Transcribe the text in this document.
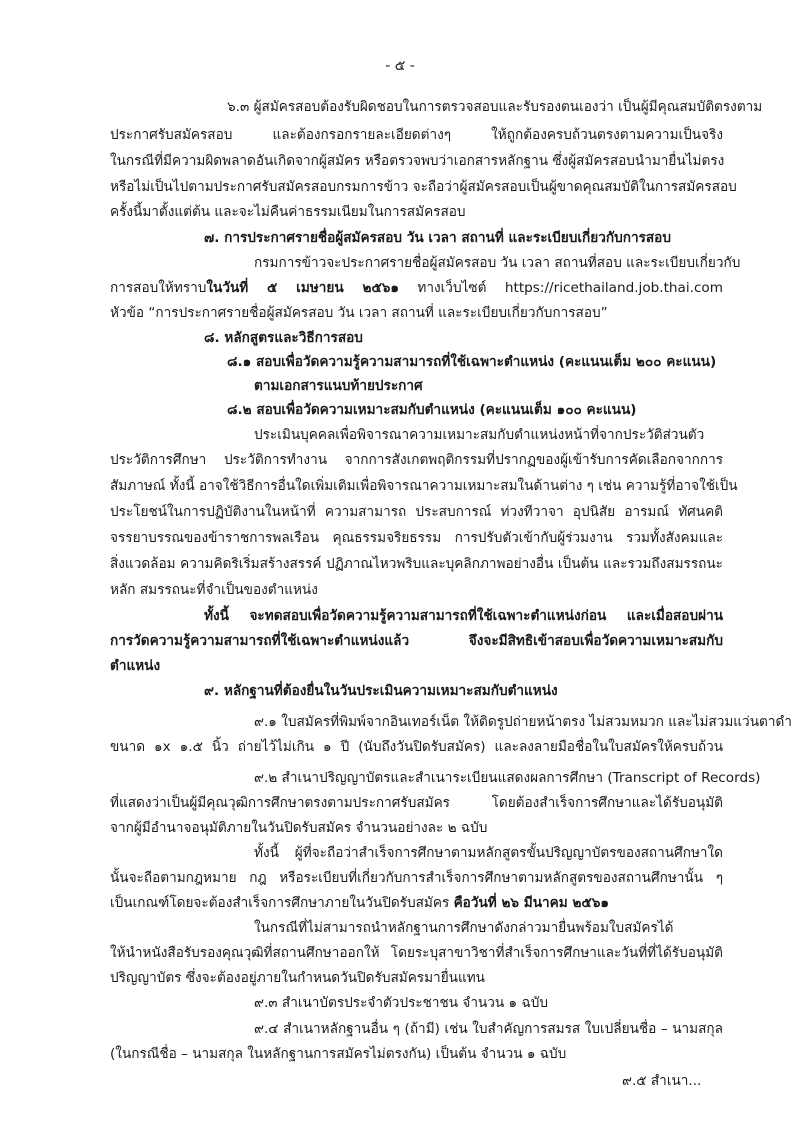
- ๕ -
๖.๓ ผู้สมัครสอบต้องรับผิดชอบในการตรวจสอบและรับรองตนเองว่า เป็นผู้มีคุณสมบัติตรงตาม
ประกาศรับสมัครสอบ และต้องกรอกรายละเอียดต่างๆ ให้ถูกต้องครบถ้วนตรงตามความเป็นจริง
ในกรณีที่มีความผิดพลาดอันเกิดจากผู้สมัคร หรือตรวจพบว่าเอกสารหลักฐาน ซึ่งผู้สมัครสอบนำมายื่นไม่ตรง
หรือไม่เป็นไปตามประกาศรับสมัครสอบกรมการข้าว จะถือว่าผู้สมัครสอบเป็นผู้ขาดคุณสมบัติในการสมัครสอบ
ครั้งนี้มาตั้งแต่ต้น และจะไม่คืนค่าธรรมเนียมในการสมัครสอบ
๗. การประกาศรายชื่อผู้สมัครสอบ วัน เวลา สถานที่ และระเบียบเกี่ยวกับการสอบ
กรมการข้าวจะประกาศรายชื่อผู้สมัครสอบ วัน เวลา สถานที่สอบ และระเบียบเกี่ยวกับ
การสอบให้ทราบในวันที่ ๕ เมษายน ๒๕๖๑ ทางเว็บไซต์ https://ricethailand.job.thai.com
หัวข้อ “การประกาศรายชื่อผู้สมัครสอบ วัน เวลา สถานที่ และระเบียบเกี่ยวกับการสอบ”
๘. หลักสูตรและวิธีการสอบ
๘.๑ สอบเพื่อวัดความรู้ความสามารถที่ใช้เฉพาะตำแหน่ง (คะแนนเต็ม ๒๐๐ คะแนน)
ตามเอกสารแนบท้ายประกาศ
๘.๒ สอบเพื่อวัดความเหมาะสมกับตำแหน่ง (คะแนนเต็ม ๑๐๐ คะแนน)
ประเมินบุคคลเพื่อพิจารณาความเหมาะสมกับตำแหน่งหน้าที่จากประวัติส่วนตัว
ประวัติการศึกษา ประวัติการทำงาน จากการสังเกตพฤติกรรมที่ปรากฏของผู้เข้ารับการคัดเลือกจากการ
สัมภาษณ์ ทั้งนี้ อาจใช้วิธีการอื่นใดเพิ่มเติมเพื่อพิจารณาความเหมาะสมในด้านต่าง ๆ เช่น ความรู้ที่อาจใช้เป็น
ประโยชน์ในการปฏิบัติงานในหน้าที่ ความสามารถ ประสบการณ์ ท่วงทีวาจา อุปนิสัย อารมณ์ ทัศนคติ
จรรยาบรรณของข้าราชการพลเรือน คุณธรรมจริยธรรม การปรับตัวเข้ากับผู้ร่วมงาน รวมทั้งสังคมและ
สิ่งแวดล้อม ความคิดริเริ่มสร้างสรรค์ ปฏิภาณไหวพริบและบุคลิกภาพอย่างอื่น เป็นต้น และรวมถึงสมรรถนะ
หลัก สมรรถนะที่จำเป็นของตำแหน่ง
ทั้งนี้ จะทดสอบเพื่อวัดความรู้ความสามารถที่ใช้เฉพาะตำแหน่งก่อน และเมื่อสอบผ่าน
การวัดความรู้ความสามารถที่ใช้เฉพาะตำแหน่งแล้ว จึงจะมีสิทธิเข้าสอบเพื่อวัดความเหมาะสมกับ
ตำแหน่ง
๙. หลักฐานที่ต้องยื่นในวันประเมินความเหมาะสมกับตำแหน่ง
๙.๑ ใบสมัครที่พิมพ์จากอินเทอร์เน็ต ให้ติดรูปถ่ายหน้าตรง ไม่สวมหมวก และไม่สวมแว่นตาดำ
ขนาด ๑x ๑.๕ นิ้ว ถ่ายไว้ไม่เกิน ๑ ปี (นับถึงวันปิดรับสมัคร) และลงลายมือชื่อในใบสมัครให้ครบถ้วน
๙.๒ สำเนาปริญญาบัตรและสำเนาระเบียนแสดงผลการศึกษา (Transcript of Records)
ที่แสดงว่าเป็นผู้มีคุณวุฒิการศึกษาตรงตามประกาศรับสมัคร โดยต้องสำเร็จการศึกษาและได้รับอนุมัติ
จากผู้มีอำนาจอนุมัติภายในวันปิดรับสมัคร จำนวนอย่างละ ๒ ฉบับ
ทั้งนี้ ผู้ที่จะถือว่าสำเร็จการศึกษาตามหลักสูตรขั้นปริญญาบัตรของสถานศึกษาใด
นั้นจะถือตามกฎหมาย กฎ หรือระเบียบที่เกี่ยวกับการสำเร็จการศึกษาตามหลักสูตรของสถานศึกษานั้น ๆ
เป็นเกณฑ์โดยจะต้องสำเร็จการศึกษาภายในวันปิดรับสมัคร คือวันที่ ๒๖ มีนาคม ๒๕๖๑
ในกรณีที่ไม่สามารถนำหลักฐานการศึกษาดังกล่าวมายื่นพร้อมใบสมัครได้
ให้นำหนังสือรับรองคุณวุฒิที่สถานศึกษาออกให้ โดยระบุสาขาวิชาที่สำเร็จการศึกษาและวันที่ที่ได้รับอนุมัติ
ปริญญาบัตร ซึ่งจะต้องอยู่ภายในกำหนดวันปิดรับสมัครมายื่นแทน
๙.๓ สำเนาบัตรประจำตัวประชาชน จำนวน ๑ ฉบับ
๙.๔ สำเนาหลักฐานอื่น ๆ (ถ้ามี) เช่น ใบสำคัญการสมรส ใบเปลี่ยนชื่อ – นามสกุล
(ในกรณีชื่อ – นามสกุล ในหลักฐานการสมัครไม่ตรงกัน) เป็นต้น จำนวน ๑ ฉบับ
๙.๕ สำเนา...
